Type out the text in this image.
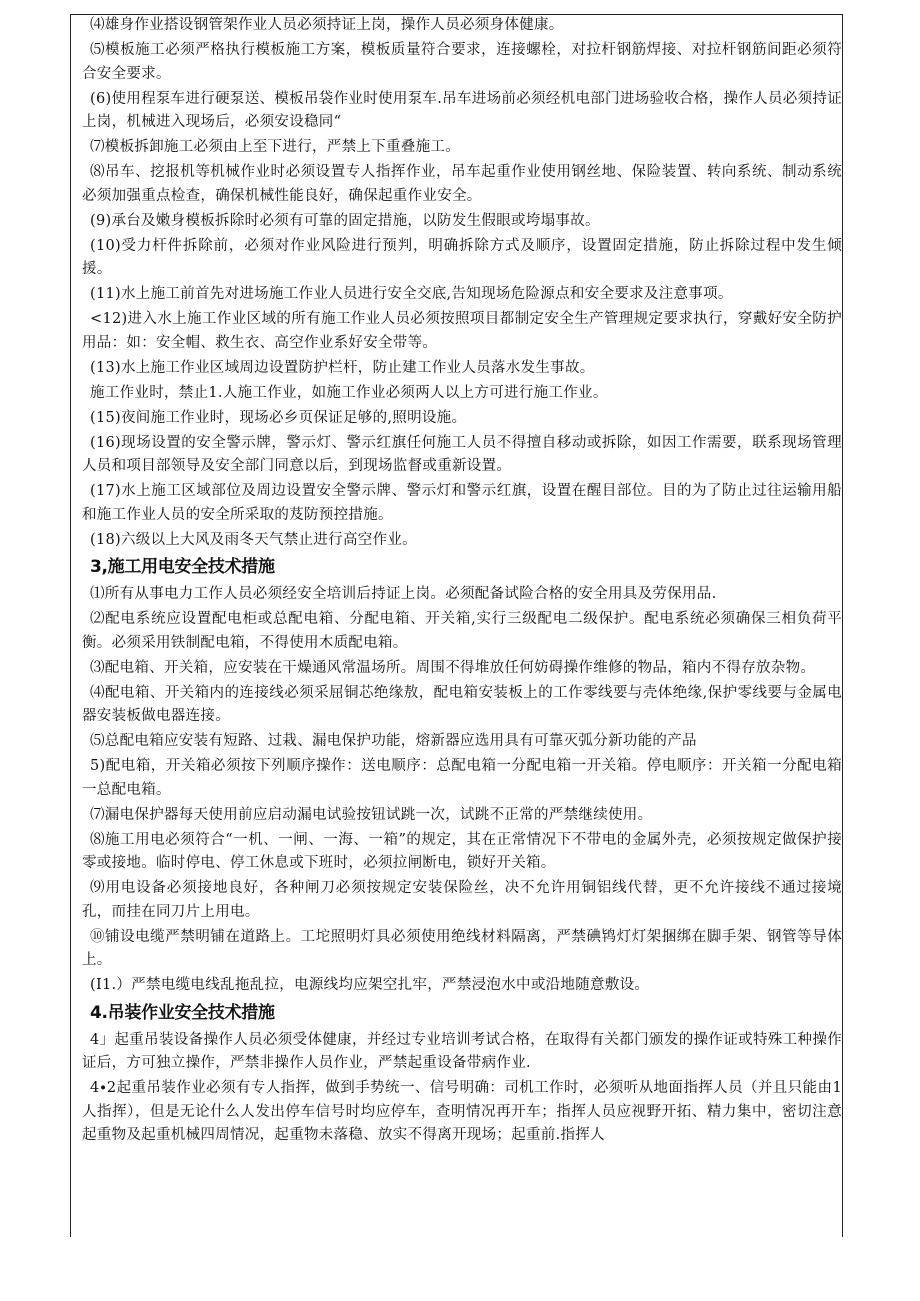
⑷雄身作业搭设钢管架作业人员必须持证上岗，操作人员必须身体健康。

⑸模板施工必须严格执行模板施工方案，模板质量符合要求，连接螺栓，对拉杆钢筋焊接、对拉杆钢筋间距必须符合安全要求。

(6)使用程泵车进行硬泵送、模板吊袋作业时使用泵车.吊车进场前必须经机电部门进场验收合格，操作人员必须持证上岗，机械进入现场后，必须安设稳同“

⑺模板拆卸施工必须由上至下进行，严禁上下重叠施工。

⑻吊车、挖报机等机械作业时必须设置专人指挥作业，吊车起重作业使用钢丝地、保险装置、转向系统、制动系统必须加强重点检查，确保机械性能良好，确保起重作业安全。

(9)承台及嫩身模板拆除时必须有可靠的固定措施，以防发生假眼或垮塌事故。

(10)受力杆件拆除前，必须对作业风险进行预判，明确拆除方式及顺序，设置固定措施，防止拆除过程中发生倾援。

(11)水上施工前首先对进场施工作业人员进行安全交底,告知现场危险源点和安全要求及注意事项。

<12)进入水上施工作业区域的所有施工作业人员必须按照项目都制定安全生产管理规定要求执行，穿戴好安全防护用品：如：安全帽、救生衣、高空作业系好安全带等。

(13)水上施工作业区域周边设置防护栏杆，防止建工作业人员落水发生事故。

施工作业时，禁止1.人施工作业，如施工作业必须两人以上方可进行施工作业。

(15)夜间施工作业时，现场必乡页保证足够的,照明设施。

(16)现场设置的安全警示牌，警示灯、警示红旗任何施工人员不得擅自移动或拆除，如因工作需要，联系现场管理人员和项目部领导及安全部门同意以后，到现场监督或重新设置。

(17)水上施工区域部位及周边设置安全警示牌、警示灯和警示红旗，设置在醒目部位。目的为了防止过往运输用船和施工作业人员的安全所采取的芨防预控措施。

(18)六级以上大风及雨冬天气禁止进行高空作业。

3,施工用电安全技术措施

⑴所有从事电力工作人员必须经安全培训后持证上岗。必须配备试险合格的安全用具及劳保用品.

⑵配电系统应设置配电柜或总配电箱、分配电箱、开关箱,实行三级配电二级保护。配电系统必须确保三相负荷平衡。必须采用铁制配电箱，不得使用木质配电箱。

⑶配电箱、开关箱，应安装在干燥通风常温场所。周围不得堆放任何妨碍操作维修的物品，箱内不得存放杂物。

⑷配电箱、开关箱内的连接线必须采屈铜芯绝缘敖，配电箱安装板上的工作零线要与壳体绝缘,保护零线要与金属电器安装板做电器连接。

⑸总配电箱应安装有短路、过栽、漏电保护功能，熔新器应选用具有可靠灭弧分新功能的产品

5)配电箱，开关箱必须按下列顺序操作：送电顺序：总配电箱一分配电箱一开关箱。停电顺序：开关箱一分配电箱一总配电箱。

⑺漏电保护器每天使用前应启动漏电试验按钮试跳一次，试跳不正常的严禁继续使用。

⑻施工用电必须符合“一机、一闸、一海、一箱”的规定，其在正常情况下不带电的金属外壳，必须按规定做保护接零或接地。临时停电、停工休息或下班时，必须拉闸断电，锁好开关箱。

⑼用电设备必须接地良好，各种闸刀必须按规定安装保险丝，决不允许用铜铝线代替，更不允许接线不通过接境孔，而挂在同刀片上用电。

⑩铺设电缆严禁明铺在道路上。工坨照明灯具必须使用绝线材料隔离，严禁碘鸨灯灯架捆绑在脚手架、钢管等导体上。

(I1.）严禁电缆电线乱拖乱拉，电源线均应架空扎牢，严禁浸泡水中或沿地随意敷设。

4.吊装作业安全技术措施

4」起重吊装设备操作人员必须受体健康，并经过专业培训考试合格，在取得有关都门颁发的操作证或特殊工种操作证后，方可独立操作，严禁非操作人员作业，严禁起重设备带病作业.

4∙2起重吊装作业必须有专人指挥，做到手势统一、信号明确：司机工作时，必须听从地面指挥人员（并且只能由1人指挥），但是无论什么人发出停车信号时均应停车，查明情况再开车；指挥人员应视野开拓、精力集中，密切注意起重物及起重机械四周情况，起重物未落稳、放实不得离开现场；起重前.指挥人
